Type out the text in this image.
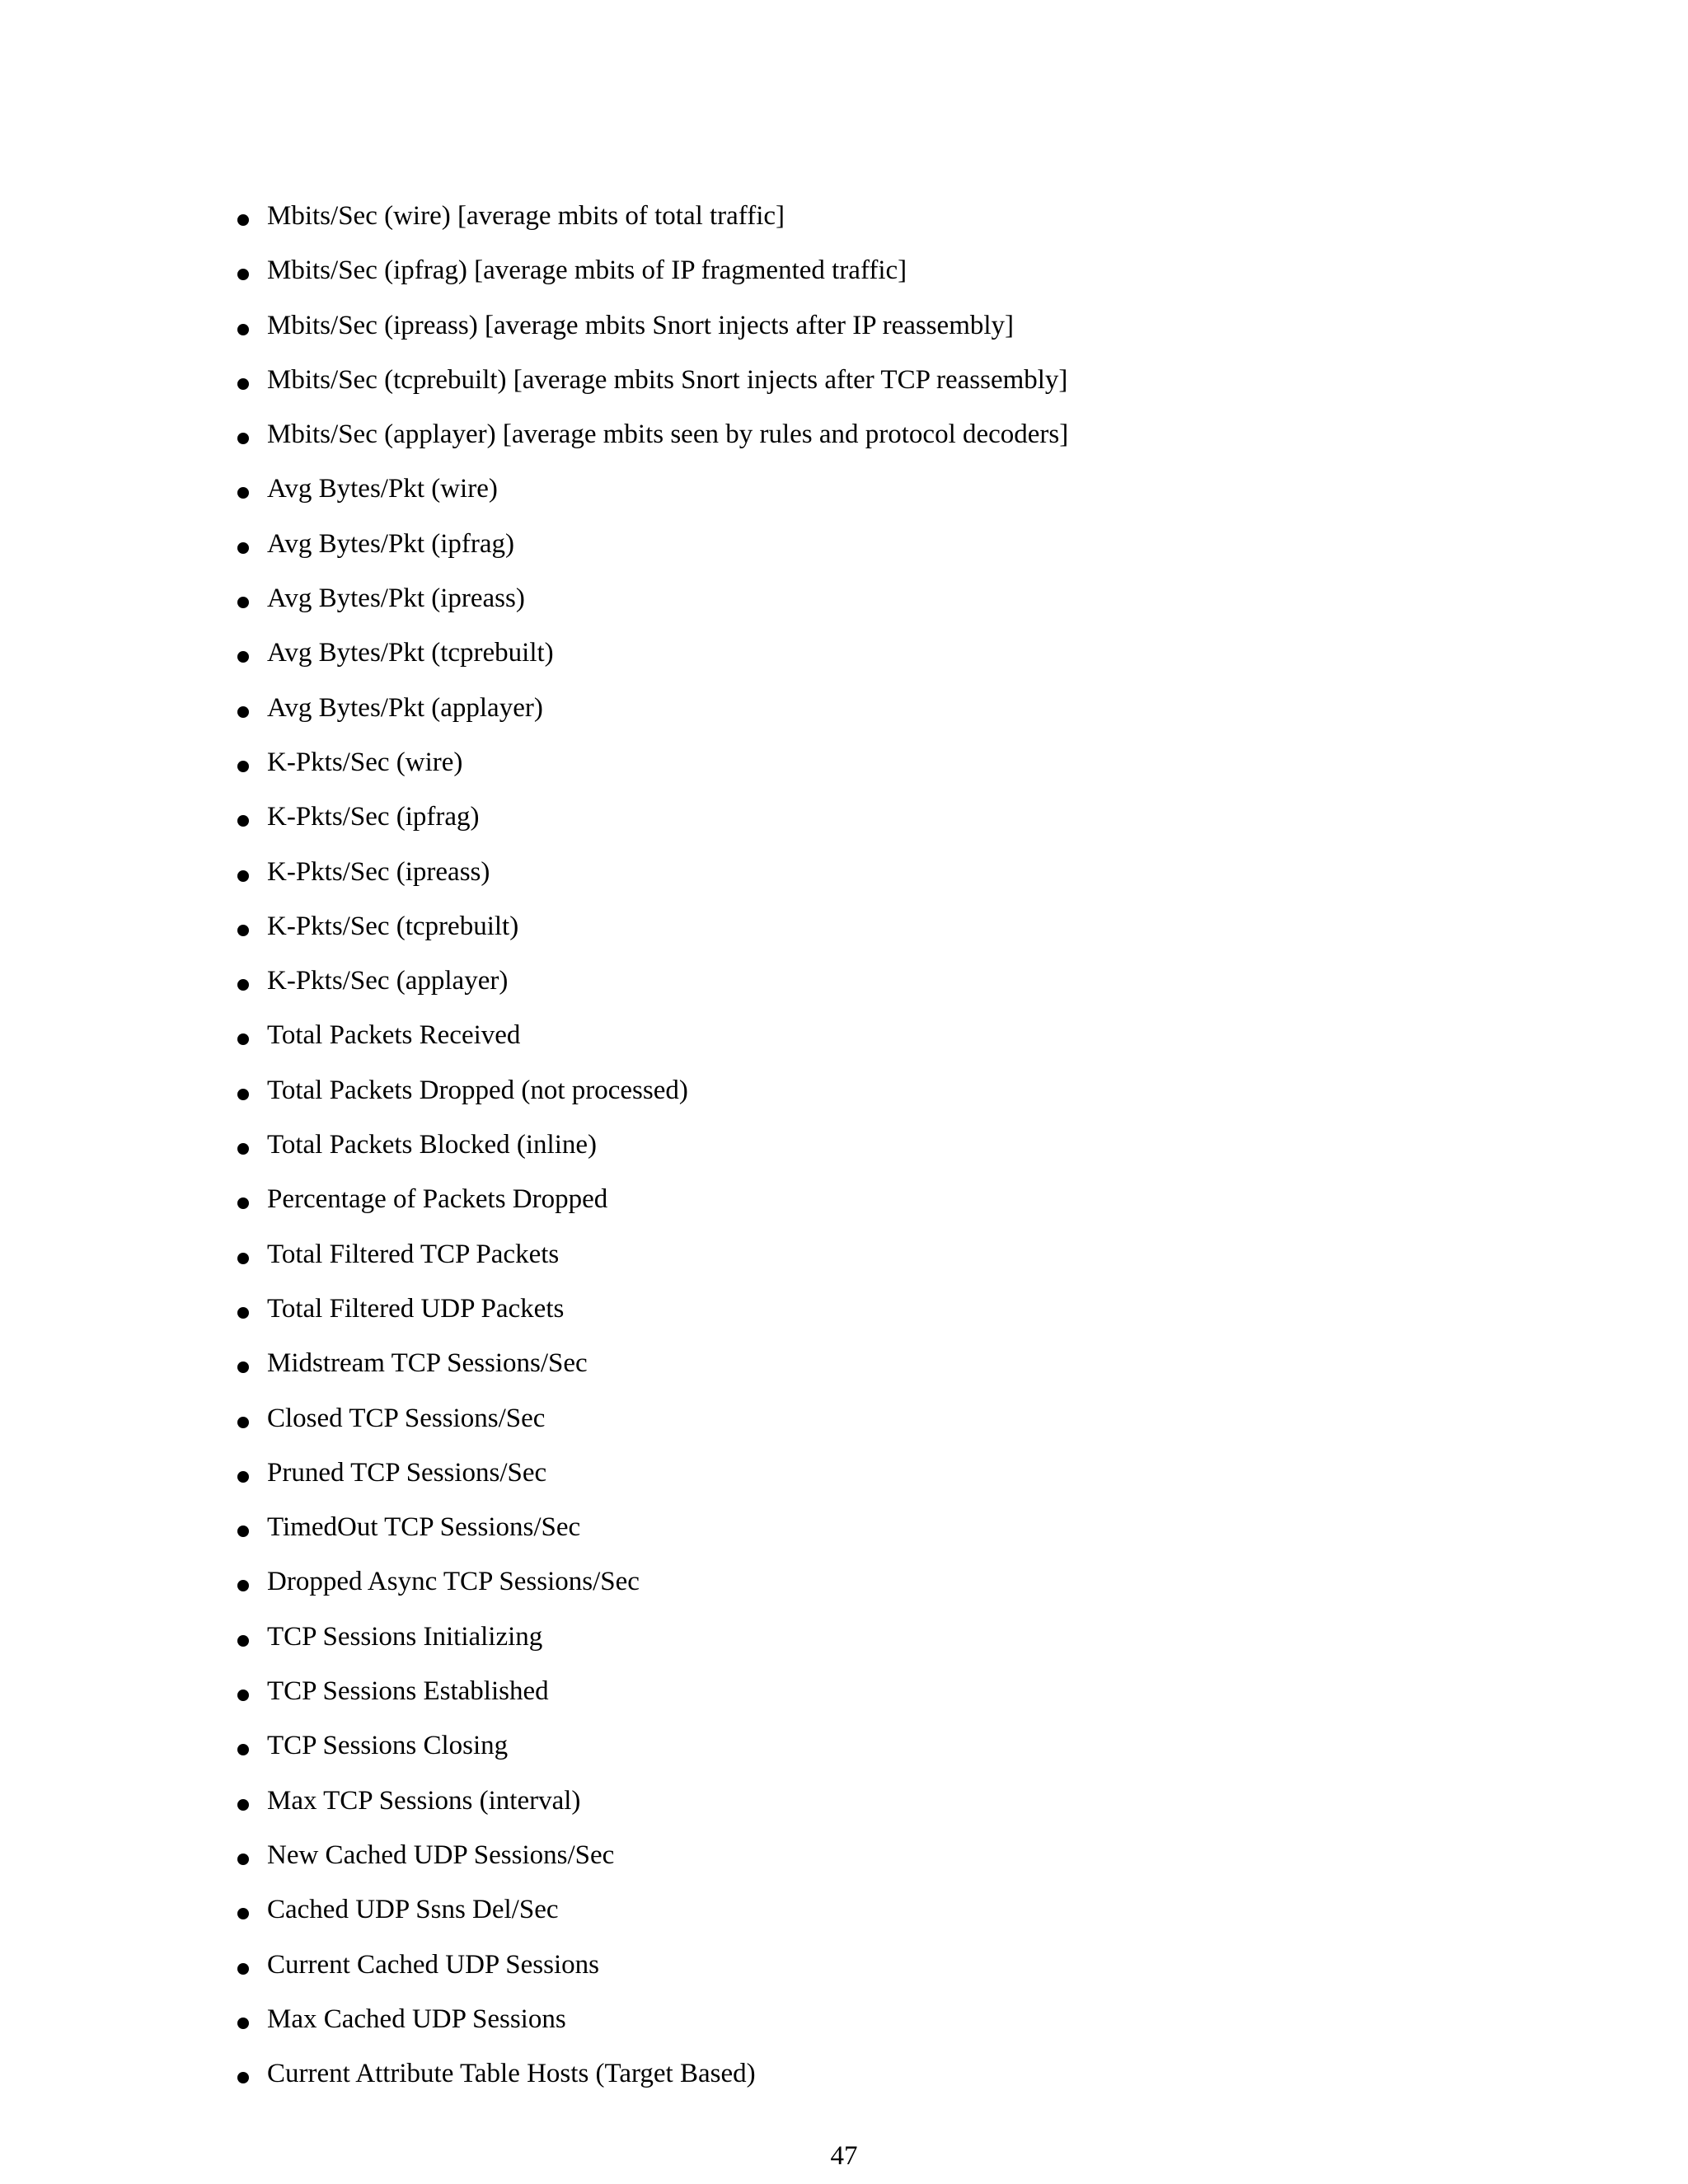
Mbits/Sec (wire) [average mbits of total traffic]
Mbits/Sec (ipfrag) [average mbits of IP fragmented traffic]
Mbits/Sec (ipreass) [average mbits Snort injects after IP reassembly]
Mbits/Sec (tcprebuilt) [average mbits Snort injects after TCP reassembly]
Mbits/Sec (applayer) [average mbits seen by rules and protocol decoders]
Avg Bytes/Pkt (wire)
Avg Bytes/Pkt (ipfrag)
Avg Bytes/Pkt (ipreass)
Avg Bytes/Pkt (tcprebuilt)
Avg Bytes/Pkt (applayer)
K-Pkts/Sec (wire)
K-Pkts/Sec (ipfrag)
K-Pkts/Sec (ipreass)
K-Pkts/Sec (tcprebuilt)
K-Pkts/Sec (applayer)
Total Packets Received
Total Packets Dropped (not processed)
Total Packets Blocked (inline)
Percentage of Packets Dropped
Total Filtered TCP Packets
Total Filtered UDP Packets
Midstream TCP Sessions/Sec
Closed TCP Sessions/Sec
Pruned TCP Sessions/Sec
TimedOut TCP Sessions/Sec
Dropped Async TCP Sessions/Sec
TCP Sessions Initializing
TCP Sessions Established
TCP Sessions Closing
Max TCP Sessions (interval)
New Cached UDP Sessions/Sec
Cached UDP Ssns Del/Sec
Current Cached UDP Sessions
Max Cached UDP Sessions
Current Attribute Table Hosts (Target Based)
47
